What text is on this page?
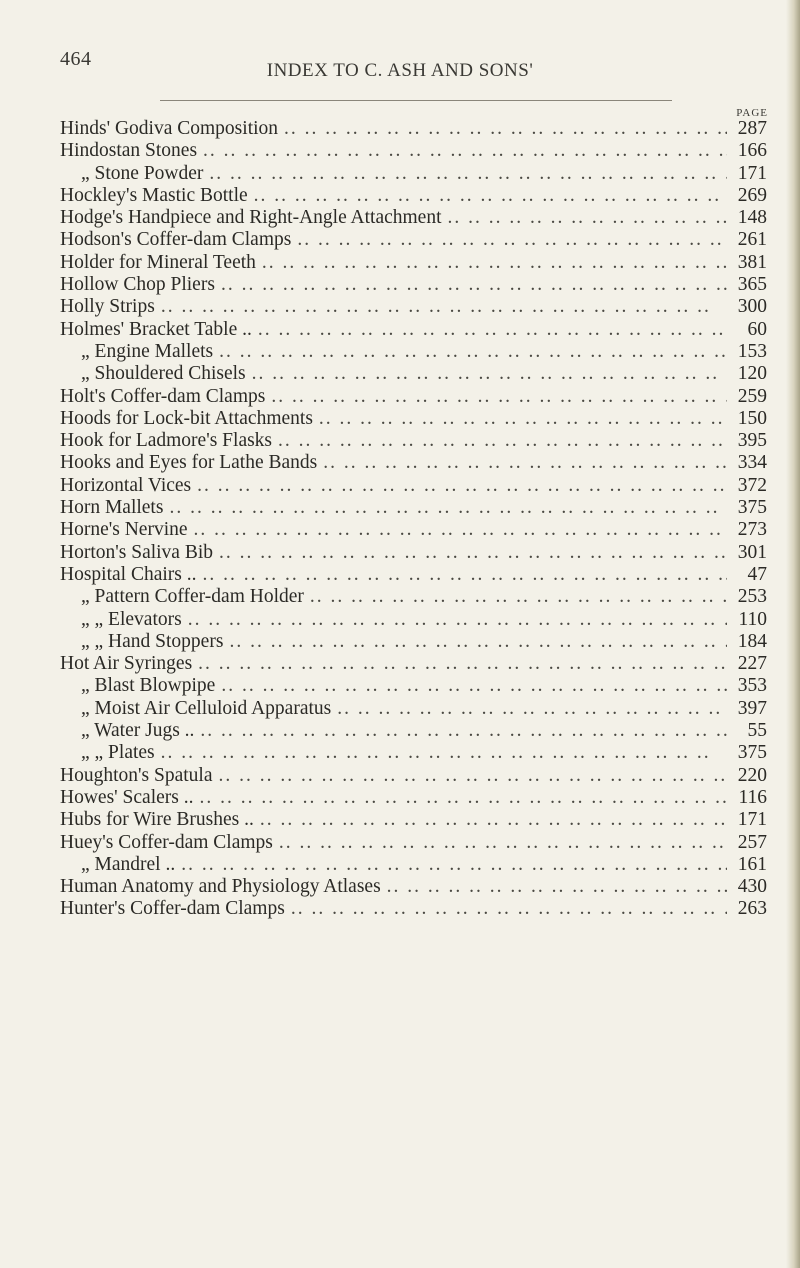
464
INDEX TO C. ASH AND SONS'
PAGE
Hinds' Godiva Composition .. .	287
Hindostan Stones .. .	166
„ Stone Powder .. .	171
Hockley's Mastic Bottle .. .	269
Hodge's Handpiece and Right-Angle Attachment .. .	148
Hodson's Coffer-dam Clamps .. .	261
Holder for Mineral Teeth .. .	381
Hollow Chop Pliers .. .	365
Holly Strips .. .	300
Holmes' Bracket Table .. .. .	60
„ Engine Mallets .. .	153
„ Shouldered Chisels .. .	120
Holt's Coffer-dam Clamps .. .	259
Hoods for Lock-bit Attachments .. .	150
Hook for Ladmore's Flasks .. .	395
Hooks and Eyes for Lathe Bands .. .	334
Horizontal Vices .. .	372
Horn Mallets .. .	375
Horne's Nervine .. .	273
Horton's Saliva Bib .. .	301
Hospital Chairs .. .. .	47
„ Pattern Coffer-dam Holder .. .	253
„ „ Elevators .. .	110
„ „ Hand Stoppers .. .	184
Hot Air Syringes .. .	227
„ Blast Blowpipe .. .	353
„ Moist Air Celluloid Apparatus .. .	397
„ Water Jugs .. .. .	55
„ „ Plates .. .	375
Houghton's Spatula .. .	220
Howes' Scalers .. .. .	116
Hubs for Wire Brushes .. .. .	171
Huey's Coffer-dam Clamps .. .	257
„ Mandrel .. .. .	161
Human Anatomy and Physiology Atlases .. .	430
Hunter's Coffer-dam Clamps .. .	263
